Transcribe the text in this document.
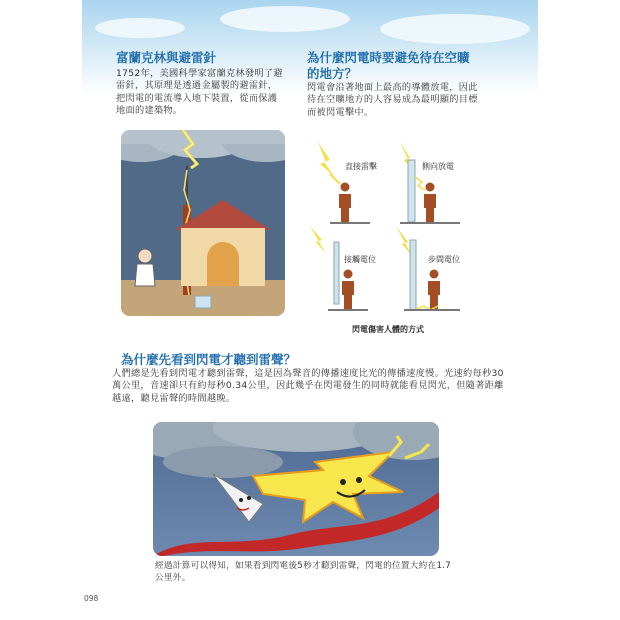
富蘭克林與避雷針
1752年，美國科學家富蘭克林發明了避雷針，其原理是透過金屬製的避雷針，把閃電的電流導入地下裝置，從而保護地面的建築物。
為什麼閃電時要避免待在空曠的地方？
閃電會沿著地面上最高的導體放電，因此待在空曠地方的人容易成為最明顯的目標而被閃電擊中。
直接雷擊	側向放電
接觸電位	步間電位
閃電傷害人體的方式
為什麼先看到閃電才聽到雷聲？
人們總是先看到閃電才聽到雷聲，這是因為聲音的傳播速度比光的傳播速度慢。光速約每秒30萬公里，音速卻只有約每秒0.34公里，因此幾乎在閃電發生的同時就能看見閃光，但隨著距離越遠，聽見雷聲的時間越晚。
經過計算可以得知，如果看到閃電後5秒才聽到雷聲，閃電的位置大約在1.7公里外。
098
